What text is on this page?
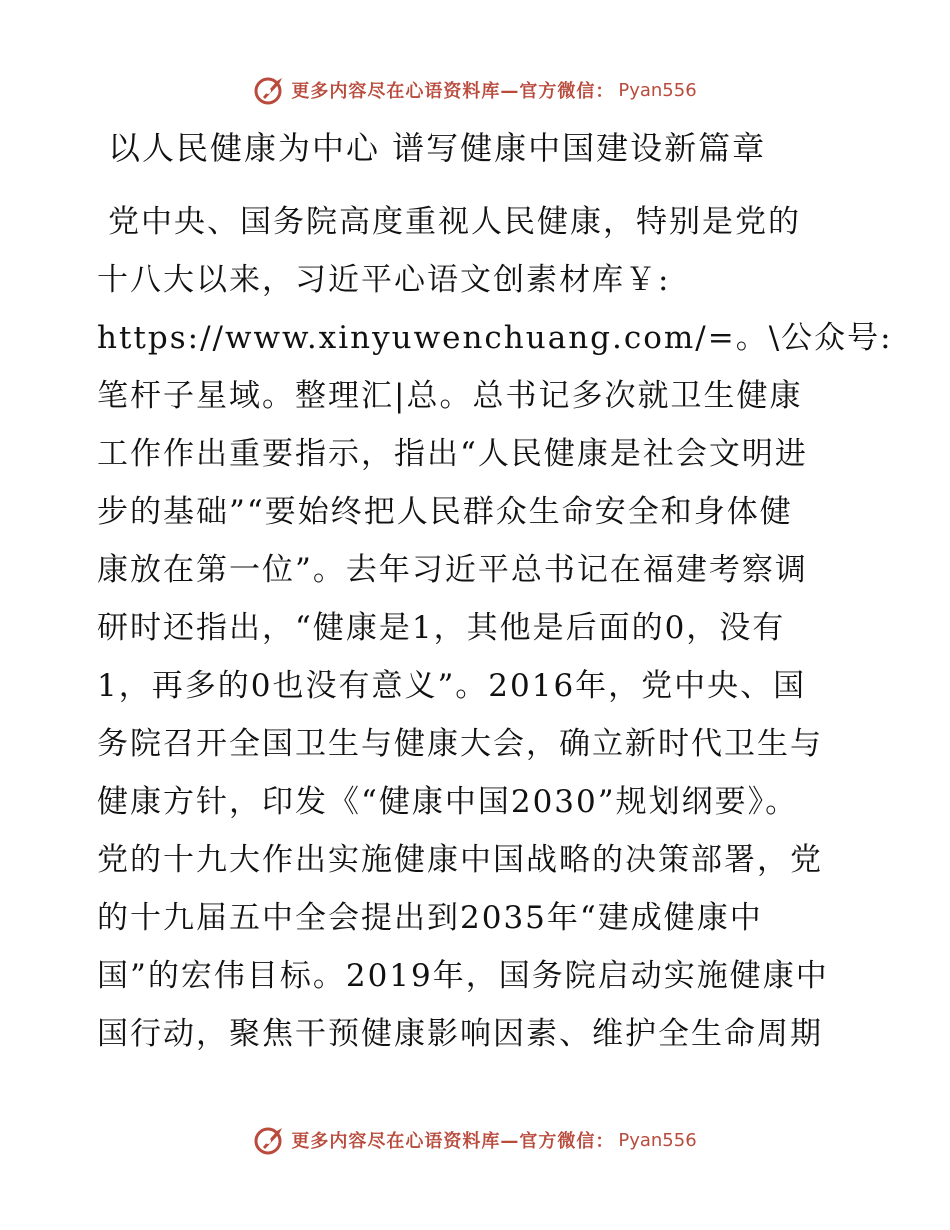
更多内容尽在心语资料库—官方微信： Pyan556
以人民健康为中心 谱写健康中国建设新篇章
党中央、国务院高度重视人民健康，特别是党的
十八大以来，习近平心语文创素材库￥:
https://www.xinyuwenchuang.com/=。\公众号:
笔杆子星域。整理汇|总。总书记多次就卫生健康
工作作出重要指示，指出“人民健康是社会文明进
步的基础”“要始终把人民群众生命安全和身体健
康放在第一位”。去年习近平总书记在福建考察调
研时还指出，“健康是1，其他是后面的0，没有
1，再多的0也没有意义”。2016年，党中央、国
务院召开全国卫生与健康大会，确立新时代卫生与
健康方针，印发《“健康中国2030”规划纲要》。
党的十九大作出实施健康中国战略的决策部署，党
的十九届五中全会提出到2035年“建成健康中
国”的宏伟目标。2019年，国务院启动实施健康中
国行动，聚焦干预健康影响因素、维护全生命周期
更多内容尽在心语资料库—官方微信： Pyan556
